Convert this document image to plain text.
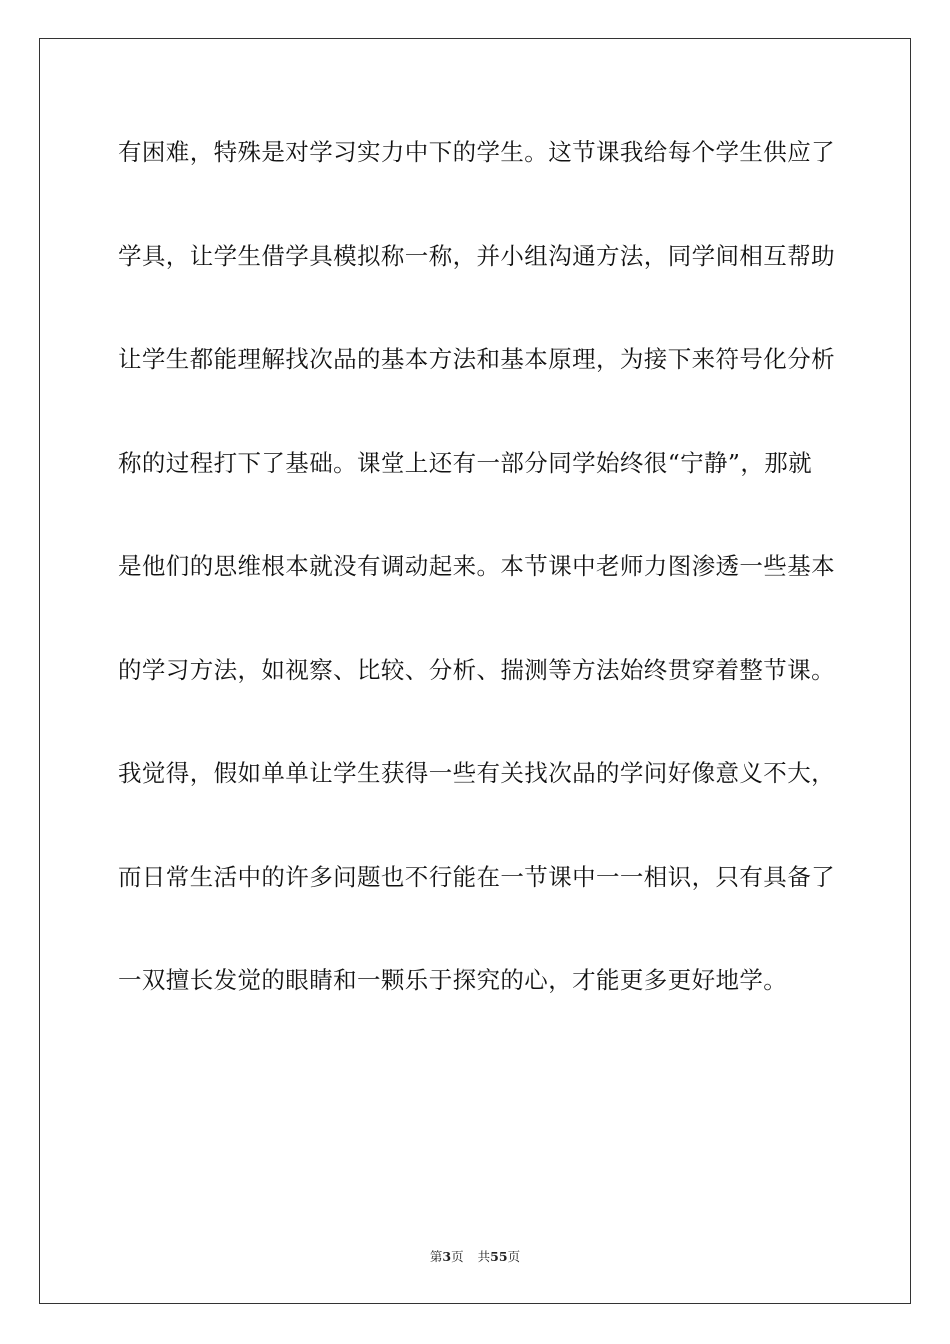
有困难，特殊是对学习实力中下的学生。这节课我给每个学生供应了
学具，让学生借学具模拟称一称，并小组沟通方法，同学间相互帮助
让学生都能理解找次品的基本方法和基本原理，为接下来符号化分析
称的过程打下了基础。课堂上还有一部分同学始终很“宁静”，那就
是他们的思维根本就没有调动起来。本节课中老师力图渗透一些基本
的学习方法，如视察、比较、分析、揣测等方法始终贯穿着整节课。
我觉得，假如单单让学生获得一些有关找次品的学问好像意义不大，
而日常生活中的许多问题也不行能在一节课中一一相识，只有具备了
一双擅长发觉的眼睛和一颗乐于探究的心，才能更多更好地学。
第3页 共55页
